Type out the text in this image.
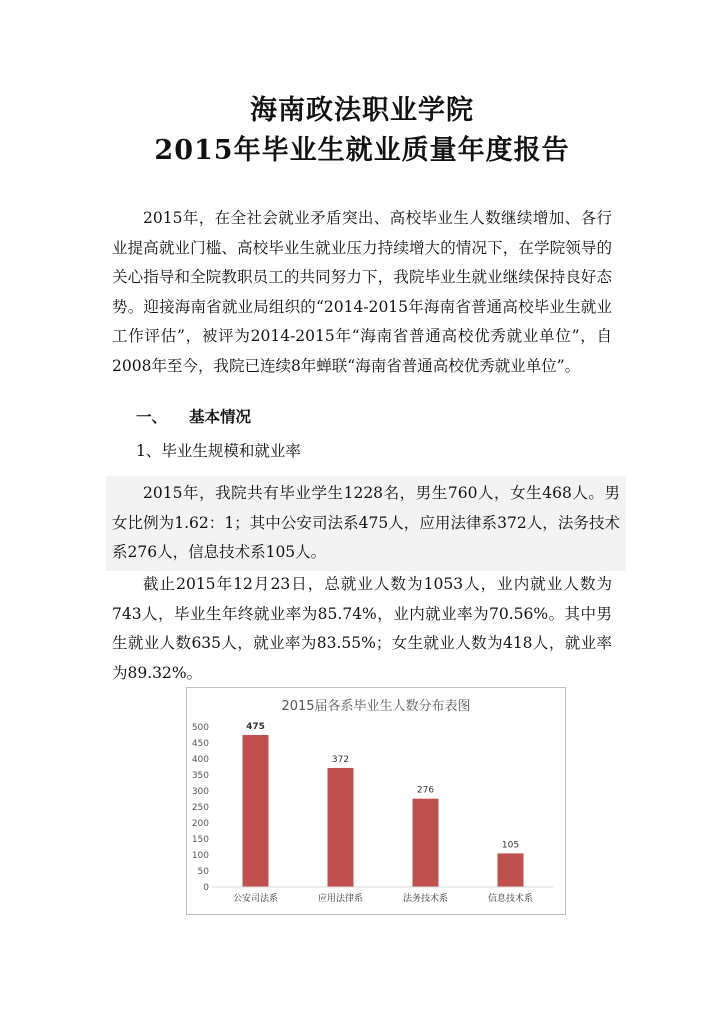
海南政法职业学院
2015年毕业生就业质量年度报告

2015年，在全社会就业矛盾突出、高校毕业生人数继续增加、各行业提高就业门槛、高校毕业生就业压力持续增大的情况下，在学院领导的关心指导和全院教职员工的共同努力下，我院毕业生就业继续保持良好态势。迎接海南省就业局组织的“2014-2015年海南省普通高校毕业生就业工作评估”，被评为2014-2015年“海南省普通高校优秀就业单位”，自2008年至今，我院已连续8年蝉联“海南省普通高校优秀就业单位”。

一、 基本情况

1、毕业生规模和就业率

2015年，我院共有毕业学生1228名，男生760人，女生468人。男女比例为1.62：1；其中公安司法系475人，应用法律系372人，法务技术系276人，信息技术系105人。

截止2015年12月23日，总就业人数为1053人，业内就业人数为743人，毕业生年终就业率为85.74%，业内就业率为70.56%。其中男生就业人数635人，就业率为83.55%；女生就业人数为418人，就业率为89.32%。

2015届各系毕业生人数分布表图
0
50
100
150
200
250
300
350
400
450
500	475
372
276
105
公安司法系	应用法律系	法务技术系	信息技术系
